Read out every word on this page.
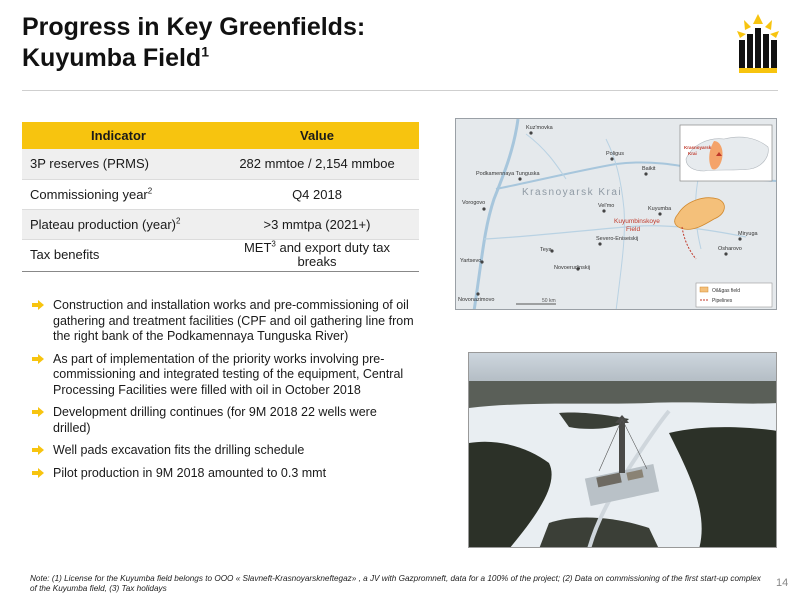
Progress in Key Greenfields:
Kuyumba Field$^1$
Indicator	Value
3P reserves (PRMS)	282 mmtoe / 2,154 mmboe
Commissioning year$^2$	Q4 2018
Plateau production (year)$^2$	>3 mmtpa (2021+)
Tax benefits	MET$^3$ and export duty tax breaks
Construction and installation works and pre-commissioning of oil gathering and treatment facilities (CPF and oil gathering line from the right bank of the Podkamennaya Tunguska River)
As part of implementation of the priority works involving pre-commissioning and integrated testing of the equipment, Central Processing Facilities were filled with oil in October 2018
Development drilling continues (for 9M 2018 22 wells were drilled)
Well pads excavation fits the drilling schedule
Pilot production in 9M 2018 amounted to 0.3 mmt
Kuz'movka
Poligus
Baikit
Podkamennaya Tunguska
Vorogovo	Vel'mo	Kuyumba
Miryuga
Osharovo
Teya
Severo-Eniseiskij
Yartsevo
Novoerudinskij
Novonazimovo
Krasnoyarsk Krai
Kuyumbinskoye
Field
50 km
Oil&gas field
Pipelines
Krasnoyarsk
Krai
Note: (1) License for the Kuyumba field belongs to OOO « Slavneft-Krasnoyarskneftegaz» , a JV with Gazpromneft, data for a 100% of the project; (2) Data on commissioning of the first start-up complex of the Kuyumba field, (3) Tax holidays	14
